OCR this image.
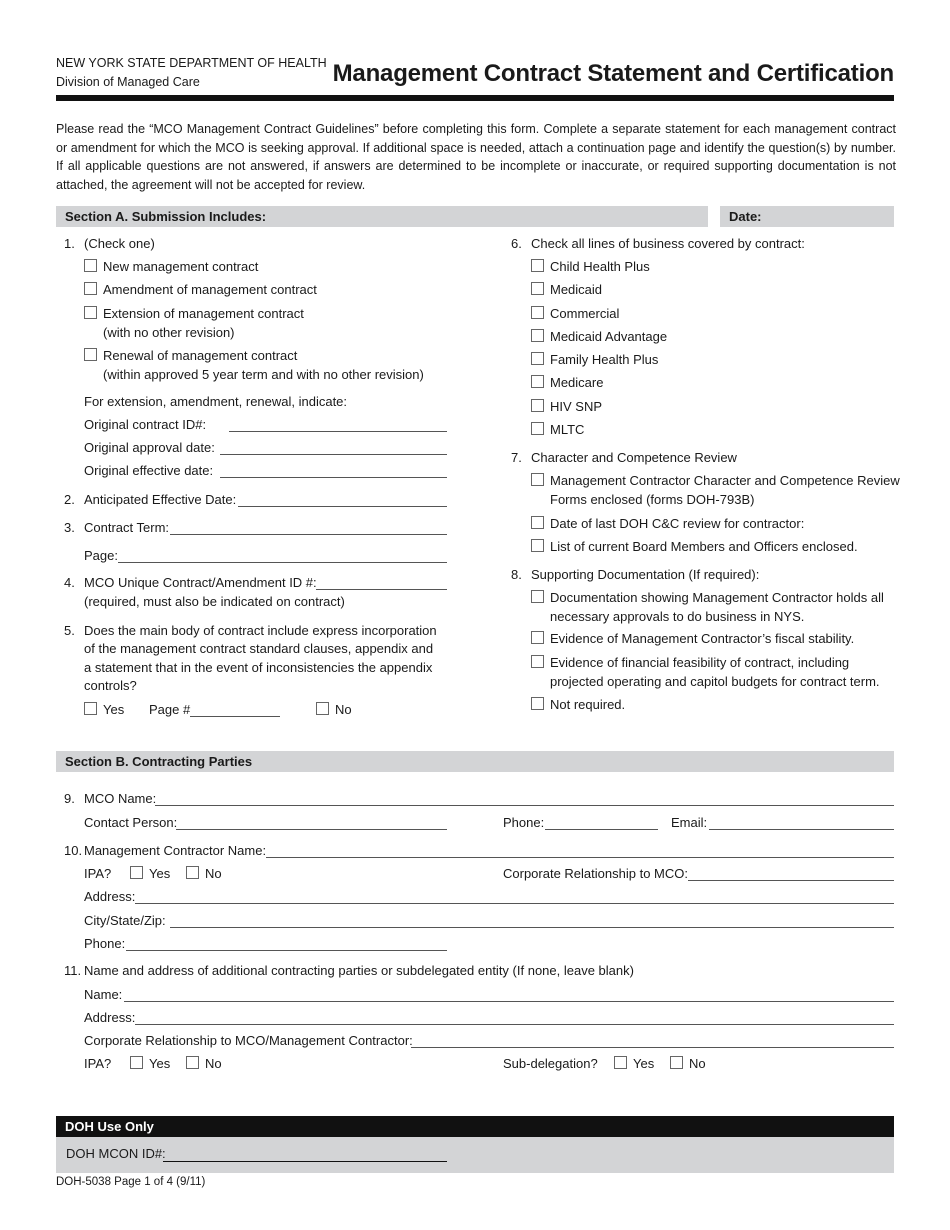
NEW YORK STATE DEPARTMENT OF HEALTH
Division of Managed Care	Management Contract Statement and Certification
Please read the “MCO Management Contract Guidelines” before completing this form. Complete a separate statement for each management contract or amendment for which the MCO is seeking approval. If additional space is needed, attach a continuation page and identify the question(s) by number. If all applicable questions are not answered, if answers are determined to be incomplete or inaccurate, or required supporting documentation is not attached, the agreement will not be accepted for review.
Section A. Submission Includes:	Date:
1. (Check one)
New management contract
Amendment of management contract
Extension of management contract
(with no other revision)
Renewal of management contract
(within approved 5 year term and with no other revision)
For extension, amendment, renewal, indicate:
Original contract ID#:
Original approval date:
Original effective date:
2. Anticipated Effective Date:
3. Contract Term:
Page:
4. MCO Unique Contract/Amendment ID #:
(required, must also be indicated on contract)
5. Does the main body of contract include express incorporation
of the management contract standard clauses, appendix and
a statement that in the event of inconsistencies the appendix
controls?
Yes Page #	No
6. Check all lines of business covered by contract:
Child Health Plus
Medicaid
Commercial
Medicaid Advantage
Family Health Plus
Medicare
HIV SNP
MLTC
7. Character and Competence Review
Management Contractor Character and Competence Review
Forms enclosed (forms DOH-793B)
Date of last DOH C&C review for contractor:
List of current Board Members and Officers enclosed.
8. Supporting Documentation (If required):
Documentation showing Management Contractor holds all
necessary approvals to do business in NYS.
Evidence of Management Contractor’s fiscal stability.
Evidence of financial feasibility of contract, including
projected operating and capitol budgets for contract term.
Not required.
Section B. Contracting Parties
9. MCO Name:
Contact Person:	Phone:	Email:
10. Management Contractor Name:
IPA?	Yes	No	Corporate Relationship to MCO:
Address:
City/State/Zip:
Phone:
11. Name and address of additional contracting parties or subdelegated entity (If none, leave blank)
Name:
Address:
Corporate Relationship to MCO/Management Contractor:
IPA?	Yes	No	Sub-delegation?	Yes	No
DOH Use Only
DOH MCON ID#:
DOH-5038 Page 1 of 4 (9/11)
